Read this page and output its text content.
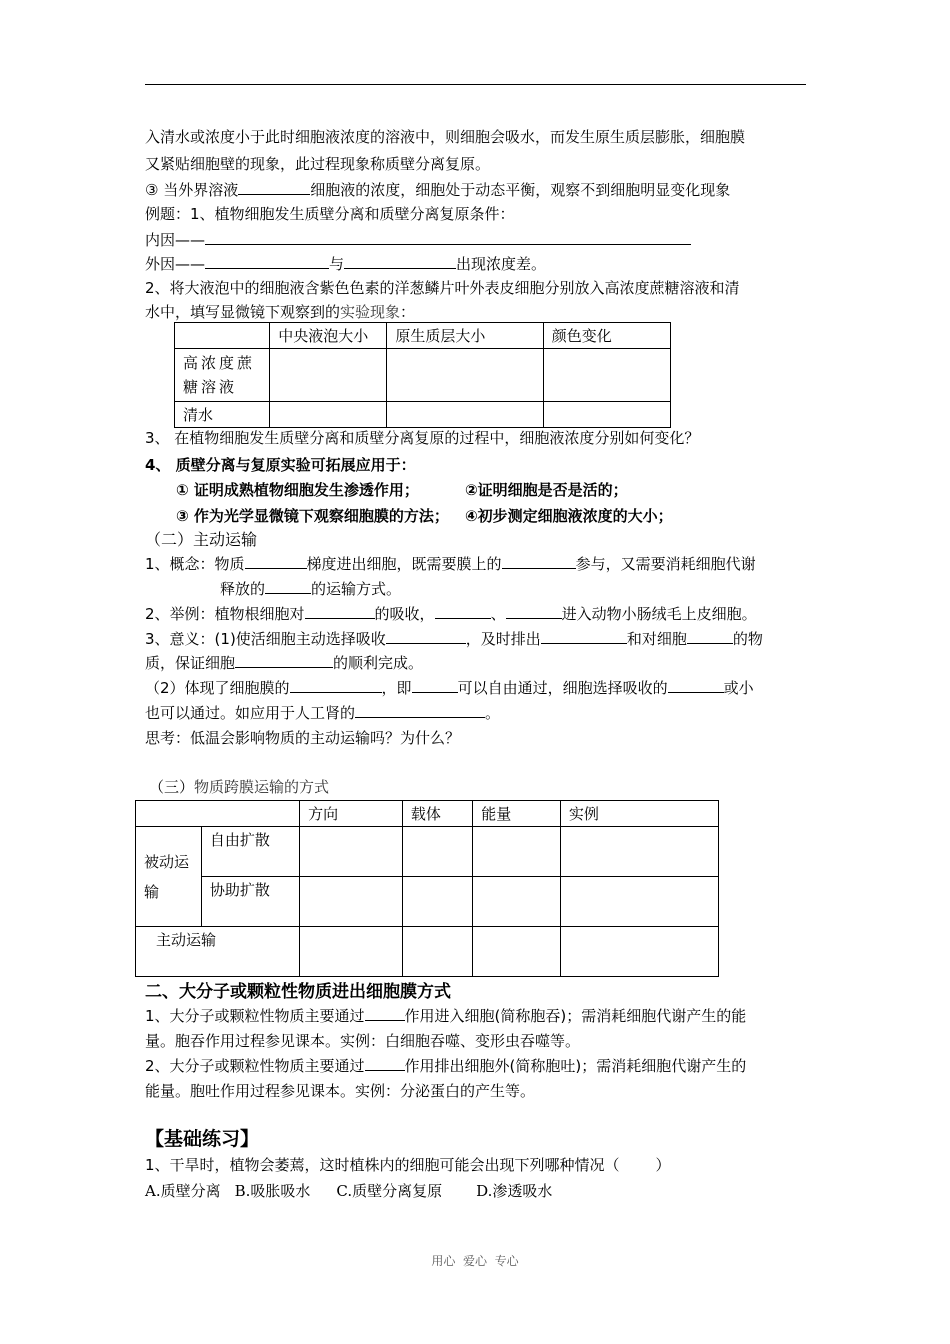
入清水或浓度小于此时细胞液浓度的溶液中，则细胞会吸水，而发生原生质层膨胀，细胞膜
又紧贴细胞壁的现象，此过程现象称质壁分离复原。
③ 当外界溶液	细胞液的浓度，细胞处于动态平衡，观察不到细胞明显变化现象
例题：1、植物细胞发生质壁分离和质壁分离复原条件：
内因——
外因——	与	出现浓度差。
2、将大液泡中的细胞液含紫色色素的洋葱鳞片叶外表皮细胞分别放入高浓度蔗糖溶液和清
水中，填写显微镜下观察到的实验现象：
	中央液泡大小	原生质层大小	颜色变化
高浓度蔗糖溶液			
清水			
3、 在植物细胞发生质壁分离和质壁分离复原的过程中，细胞液浓度分别如何变化？
4、 质壁分离与复原实验可拓展应用于：
① 证明成熟植物细胞发生渗透作用；	②证明细胞是否是活的；
③ 作为光学显微镜下观察细胞膜的方法； ④初步测定细胞液浓度的大小；
（二）主动运输
1、概念：物质	梯度进出细胞，既需要膜上的	参与，又需要消耗细胞代谢
释放的	的运输方式。
2、举例：植物根细胞对	的吸收，	、	进入动物小肠绒毛上皮细胞。
3、意义：(1)使活细胞主动选择吸收	，及时排出	和对细胞	的物
质，保证细胞	的顺利完成。
（2）体现了细胞膜的	，即	可以自由通过，细胞选择吸收的	或小
也可以通过。如应用于人工肾的	。
思考：低温会影响物质的主动运输吗？为什么？
（三）物质跨膜运输的方式
		方向	载体	能量	实例
被动运输	自由扩散				
	协助扩散				
主动运输					
二、大分子或颗粒性物质进出细胞膜方式
1、大分子或颗粒性物质主要通过	作用进入细胞(简称胞吞)；需消耗细胞代谢产生的能
量。胞吞作用过程参见课本。实例：白细胞吞噬、变形虫吞噬等。
2、大分子或颗粒性物质主要通过	作用排出细胞外(简称胞吐)；需消耗细胞代谢产生的
能量。胞吐作用过程参见课本。实例：分泌蛋白的产生等。
【基础练习】
1、干旱时，植物会萎蔫，这时植株内的细胞可能会出现下列哪种情况（ ）
A.质壁分离 B.吸胀吸水 C.质壁分离复原 D.渗透吸水
用心  爱心  专心
